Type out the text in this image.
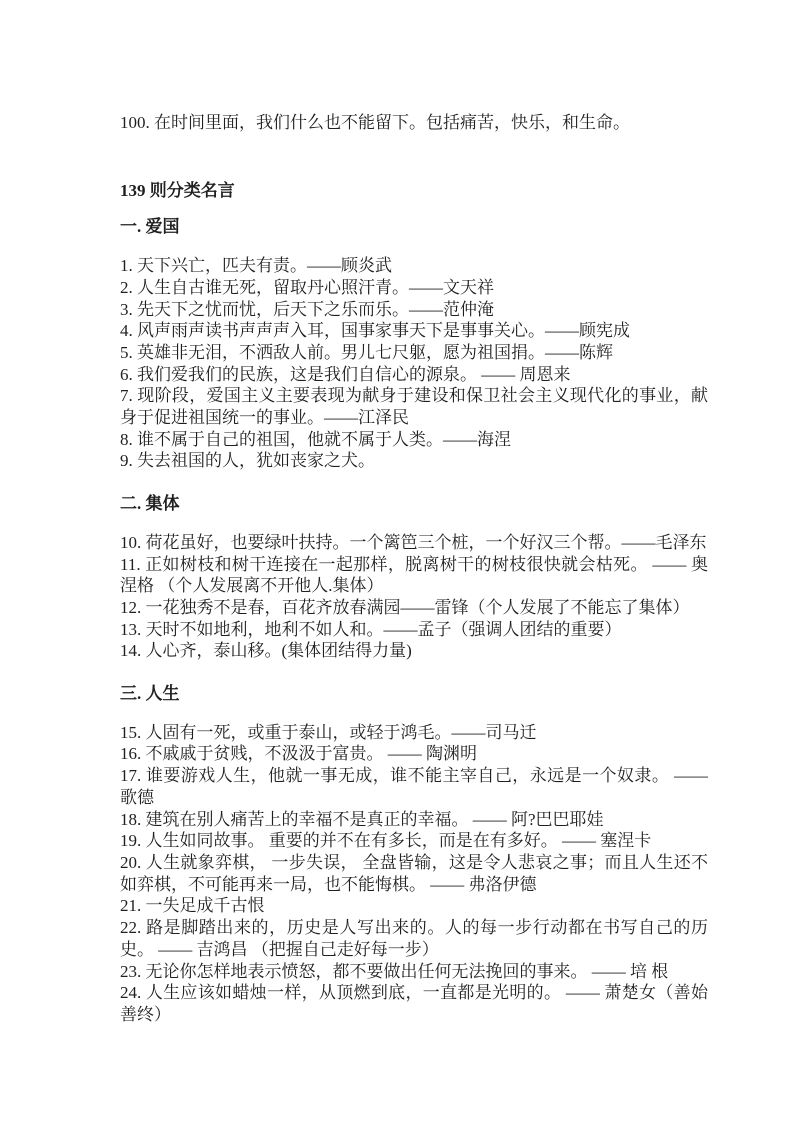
100. 在时间里面，我们什么也不能留下。包括痛苦，快乐，和生命。

139 则分类名言
一. 爱国

1. 天下兴亡，匹夫有责。——顾炎武

2. 人生自古谁无死，留取丹心照汗青。——文天祥

3. 先天下之忧而忧，后天下之乐而乐。——范仲淹

4. 风声雨声读书声声声入耳，国事家事天下是事事关心。——顾宪成

5. 英雄非无泪，不洒敌人前。男儿七尺躯，愿为祖国捐。——陈辉

6. 我们爱我们的民族，这是我们自信心的源泉。 —— 周恩来

7. 现阶段，爱国主义主要表现为献身于建设和保卫社会主义现代化的事业，献身于促进祖国统一的事业。——江泽民

8. 谁不属于自己的祖国，他就不属于人类。——海涅

9. 失去祖国的人，犹如丧家之犬。

二. 集体

10. 荷花虽好，也要绿叶扶持。一个篱笆三个桩，一个好汉三个帮。——毛泽东

11. 正如树枝和树干连接在一起那样，脱离树干的树枝很快就会枯死。 —— 奥涅格 （个人发展离不开他人.集体）

12. 一花独秀不是春，百花齐放春满园——雷锋（个人发展了不能忘了集体）

13. 天时不如地利，地利不如人和。——孟子（强调人团结的重要）

14. 人心齐，泰山移。(集体团结得力量)

三. 人生

15. 人固有一死，或重于泰山，或轻于鸿毛。——司马迁

16. 不戚戚于贫贱，不汲汲于富贵。 —— 陶渊明

17. 谁要游戏人生，他就一事无成，谁不能主宰自己，永远是一个奴隶。 ——歌德

18. 建筑在别人痛苦上的幸福不是真正的幸福。 —— 阿?巴巴耶娃

19. 人生如同故事。 重要的并不在有多长，而是在有多好。 —— 塞涅卡

20. 人生就象弈棋， 一步失误， 全盘皆输，这是令人悲哀之事；而且人生还不如弈棋，不可能再来一局，也不能悔棋。 —— 弗洛伊德

21. 一失足成千古恨

22. 路是脚踏出来的，历史是人写出来的。人的每一步行动都在书写自己的历史。 —— 吉鸿昌 （把握自己走好每一步）

23. 无论你怎样地表示愤怒，都不要做出任何无法挽回的事来。 —— 培 根

24. 人生应该如蜡烛一样，从顶燃到底，一直都是光明的。 —— 萧楚女（善始善终）
